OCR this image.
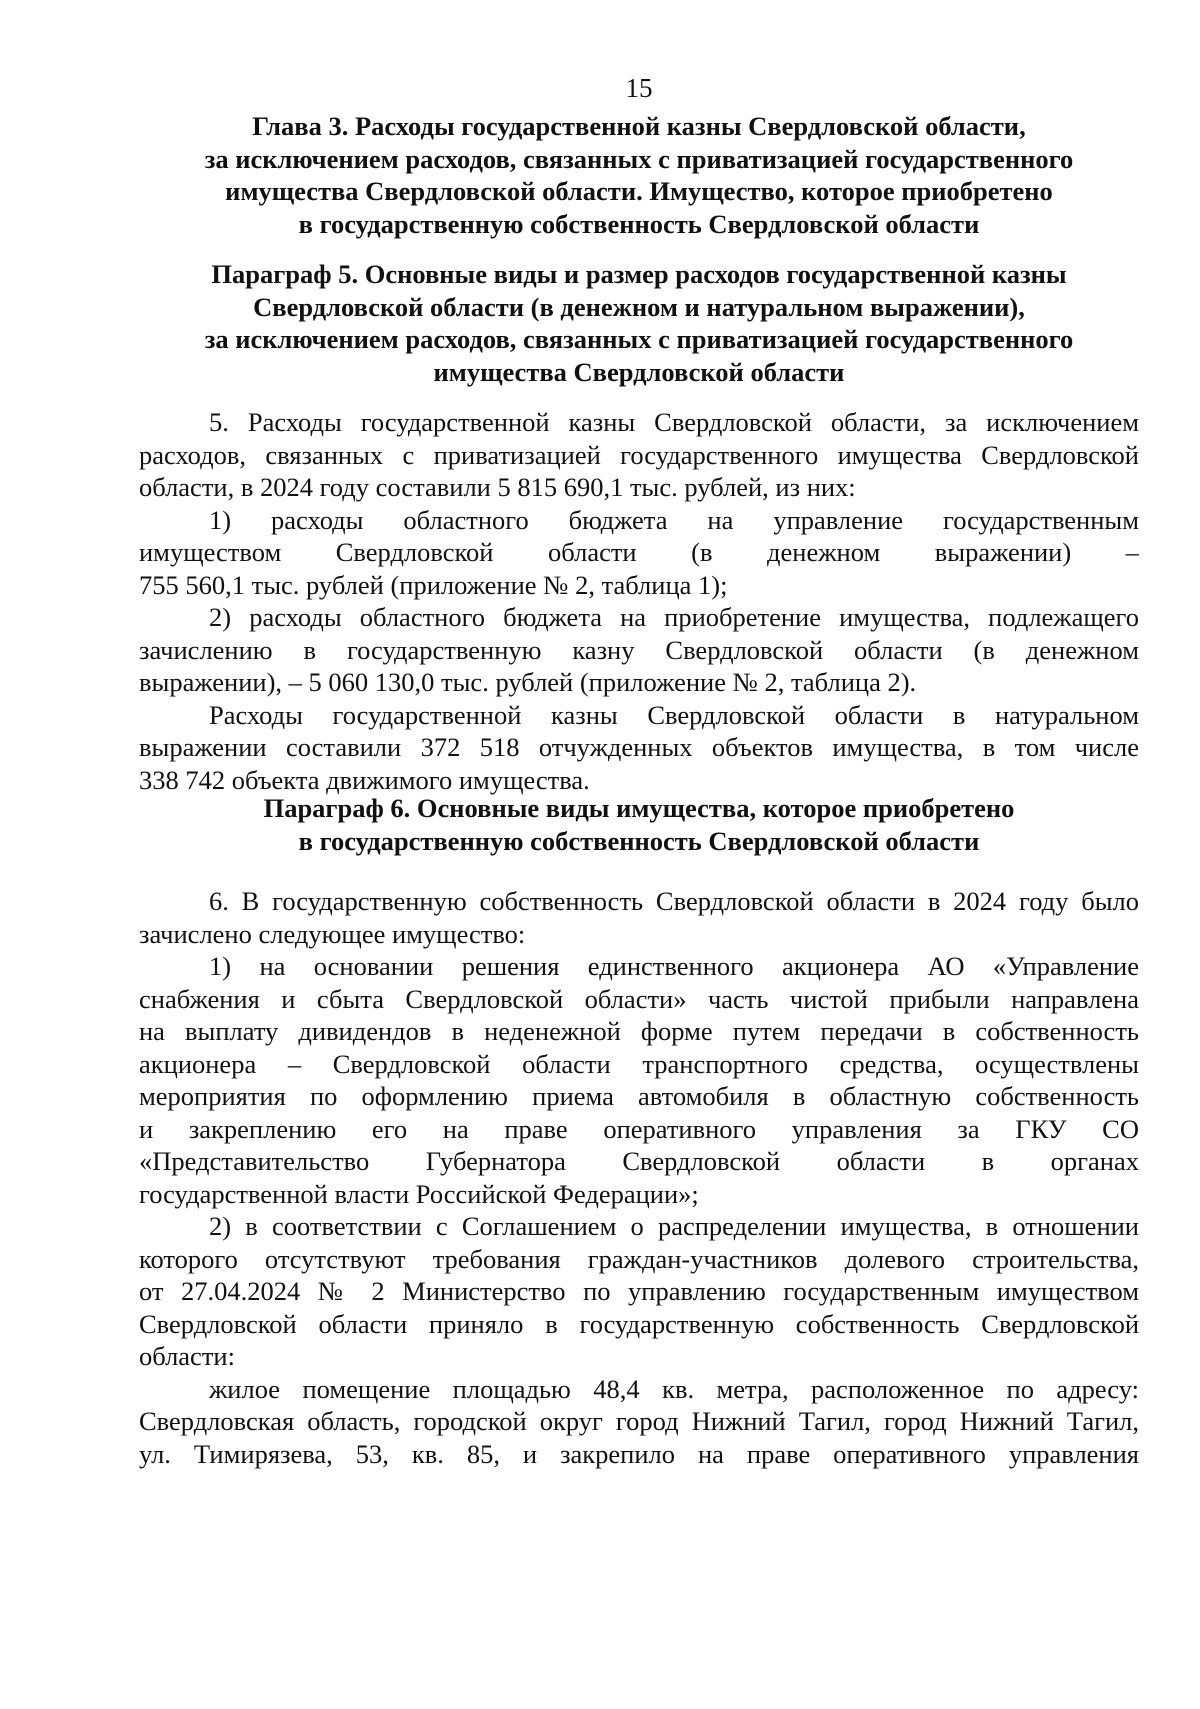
15
Глава 3. Расходы государственной казны Свердловской области,
за исключением расходов, связанных с приватизацией государственного
имущества Свердловской области. Имущество, которое приобретено
в государственную собственность Свердловской области
Параграф 5. Основные виды и размер расходов государственной казны
Свердловской области (в денежном и натуральном выражении),
за исключением расходов, связанных с приватизацией государственного
имущества Свердловской области
5. Расходы государственной казны Свердловской области, за исключением
расходов, связанных с приватизацией государственного имущества Свердловской
области, в 2024 году составили 5 815 690,1 тыс. рублей, из них:
1) расходы областного бюджета на управление государственным
имуществом Свердловской области (в денежном выражении) –
755 560,1 тыс. рублей (приложение № 2, таблица 1);
2) расходы областного бюджета на приобретение имущества, подлежащего
зачислению в государственную казну Свердловской области (в денежном
выражении), – 5 060 130,0 тыс. рублей (приложение № 2, таблица 2).
Расходы государственной казны Свердловской области в натуральном
выражении составили 372 518 отчужденных объектов имущества, в том числе
338 742 объекта движимого имущества.
Параграф 6. Основные виды имущества, которое приобретено
в государственную собственность Свердловской области
6. В государственную собственность Свердловской области в 2024 году было
зачислено следующее имущество:
1) на основании решения единственного акционера АО «Управление
снабжения и сбыта Свердловской области» часть чистой прибыли направлена
на выплату дивидендов в неденежной форме путем передачи в собственность
акционера – Свердловской области транспортного средства, осуществлены
мероприятия по оформлению приема автомобиля в областную собственность
и закреплению его на праве оперативного управления за ГКУ СО
«Представительство Губернатора Свердловской области в органах
государственной власти Российской Федерации»;
2) в соответствии с Соглашением о распределении имущества, в отношении
которого отсутствуют требования граждан-участников долевого строительства,
от 27.04.2024 № 2 Министерство по управлению государственным имуществом
Свердловской области приняло в государственную собственность Свердловской
области:
жилое помещение площадью 48,4 кв. метра, расположенное по адресу:
Свердловская область, городской округ город Нижний Тагил, город Нижний Тагил,
ул. Тимирязева, 53, кв. 85, и закрепило на праве оперативного управления
